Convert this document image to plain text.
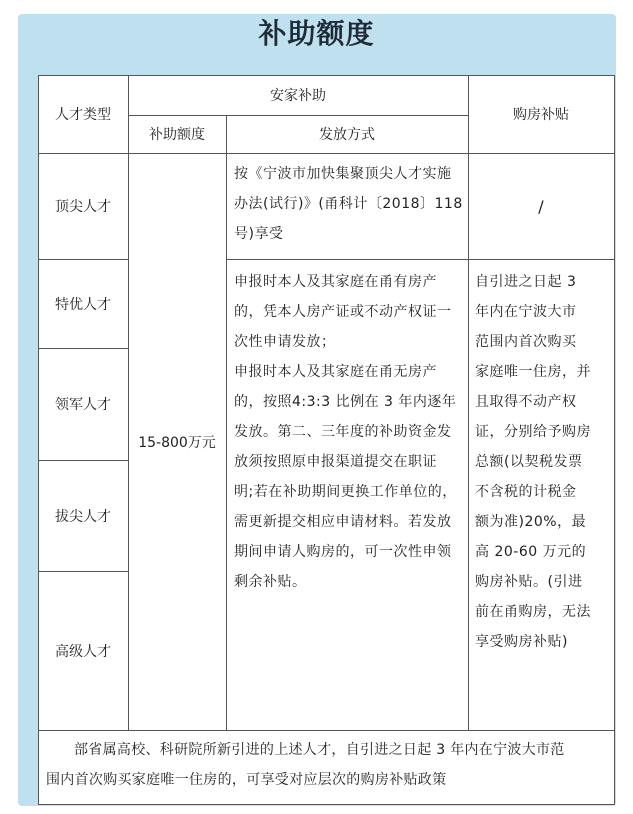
补助额度
人才类型
安家补助
补助额度	发放方式
购房补贴
顶尖人才
特优人才
领军人才
拔尖人才
高级人才
15-800万元
按《宁波市加快集聚顶尖人才实施
办法(试行)》(甬科计〔2018〕118
号)享受
/
申报时本人及其家庭在甬有房产
的，凭本人房产证或不动产权证一
次性申请发放；
申报时本人及其家庭在甬无房产
的，按照4:3:3 比例在 3 年内逐年
发放。第二、三年度的补助资金发
放须按照原申报渠道提交在职证
明;若在补助期间更换工作单位的，
需更新提交相应申请材料。若发放
期间申请人购房的，可一次性申领
剩余补贴。
自引进之日起 3
年内在宁波大市
范围内首次购买
家庭唯一住房，并
且取得不动产权
证，分别给予购房
总额(以契税发票
不含税的计税金
额为准)20%，最
高 20-60 万元的
购房补贴。(引进
前在甬购房，无法
享受购房补贴)
部省属高校、科研院所新引进的上述人才，自引进之日起 3 年内在宁波大市范
围内首次购买家庭唯一住房的，可享受对应层次的购房补贴政策
